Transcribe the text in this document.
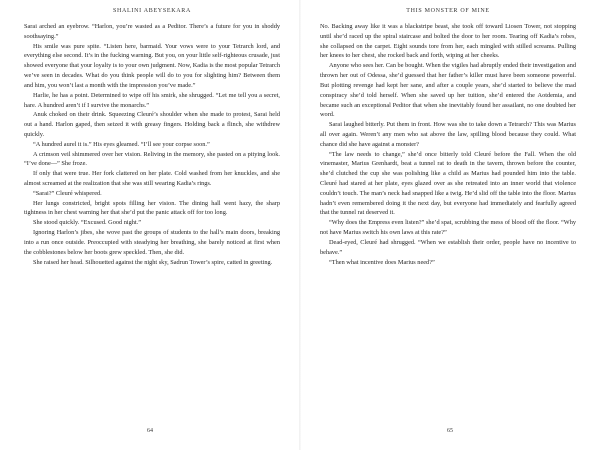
SHALINI ABEYSEKARA

Sarai arched an eyebrow. “Harlon, you’re wasted as a Peditor. There’s a future for you in shoddy soothsaying.”

His smile was pure spite. “Listen here, barmaid. Your vows were to your Tetrarch lord, and everything else second. It’s in the fucking warning. But you, on your little self-righteous crusade, just showed everyone that your loyalty is to your own judgment. Now, Kadia is the most popular Tetrarch we’ve seen in decades. What do you think people will do to you for slighting him? Between them and him, you won’t last a month with the impression you’ve made.”

Harlie, he has a point. Determined to wipe off his smirk, she shrugged. “Let me tell you a secret, hare. A hundred aren’t if I survive the monarchs.”

Anuk choked on their drink. Squeezing Cleuré’s shoulder when she made to protest, Sarai held out a hand. Harlon gaped, then seized it with greasy fingers. Holding back a flinch, she withdrew quickly.

“A hundred aurel it is.” His eyes gleamed. “I’ll see your corpse soon.”

A crimson veil shimmered over her vision. Reliving in the memory, she pasted on a pitying look. “I’ve done—” She froze.

If only that were true. Her fork clattered on her plate. Cold washed from her knuckles, and she almost screamed at the realization that she was still wearing Kadia’s rings.

“Sarai?” Cleuré whispered.

Her lungs constricted, bright spots filling her vision. The dining hall went hazy, the sharp tightness in her chest warning her that she’d put the panic attack off for too long.

She stood quickly. “Excused. Good night.”

Ignoring Harlon’s jibes, she wove past the groups of students to the hall’s main doors, breaking into a run once outside. Preoccupied with steadying her breathing, she barely noticed at first when the cobblestones below her boots grew speckled. Then, she did.

She raised her head. Silhouetted against the night sky, Sadrun Tower’s spire, catted in greeting.

64
THIS MONSTER OF MINE

No. Backing away like it was a blackstripe beast, she took off toward Liosen Tower, not stopping until she’d raced up the spiral staircase and bolted the door to her room. Tearing off Kadia’s robes, she collapsed on the carpet. Eight sounds tore from her, each mingled with stilled screams. Pulling her knees to her chest, she rocked back and forth, wiping at her cheeks.

Anyone who sees her. Can be bought. When the vigiles had abruptly ended their investigation and thrown her out of Odessa, she’d guessed that her father’s killer must have been someone powerful. But plotting revenge had kept her sane, and after a couple years, she’d started to believe the mad conspiracy she’d told herself. When she saved up her tuition, she’d entered the Aotdemia, and became such an exceptional Peditor that when she inevitably found her assailant, no one doubted her word.

Sarai laughed bitterly. Put them in front. How was she to take down a Tetrarch? This was Marius all over again. Weren’t any men who sat above the law, spilling blood because they could. What chance did she have against a monster?

“The law needs to change,” she’d once bitterly told Cleuré before the Fall. When the old vinemaster, Marius Grenhardt, beat a tunnel rat to death in the tavern, thrown before the counter, she’d clutched the cup she was polishing like a child as Marius had pounded him into the table. Cleuré had stared at her plate, eyes glazed over as she retreated into an inner world that violence couldn’t touch. The man’s neck had snapped like a twig. He’d slid off the table into the floor. Marius hadn’t even remembered doing it the next day, but everyone had immediately and fearfully agreed that the tunnel rat deserved it.

“Why does the Empress even listen?” she’d spat, scrubbing the mess of blood off the floor. “Why not have Marius switch his own laws at this rate?”

Dead-eyed, Cleuré had shrugged. “When we establish their order, people have no incentive to behave.”

“Then what incentive does Marius need?”

65
